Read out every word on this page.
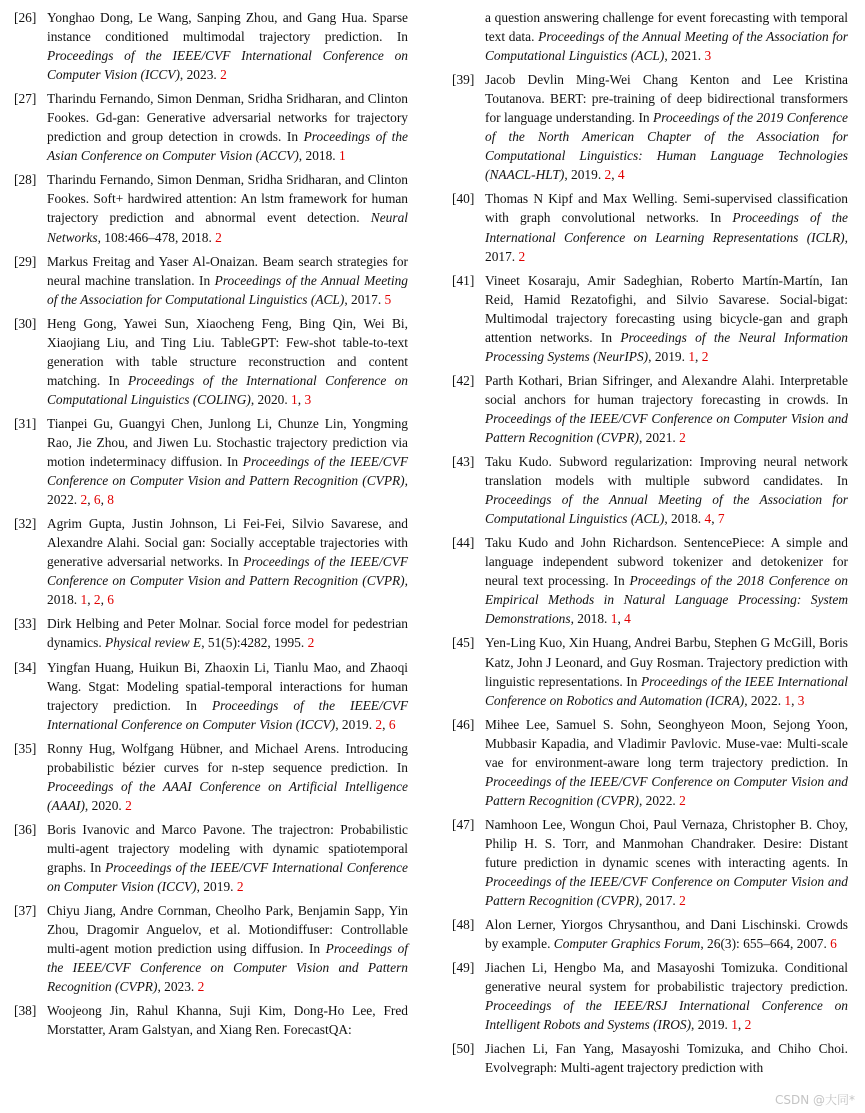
[26] Yonghao Dong, Le Wang, Sanping Zhou, and Gang Hua. Sparse instance conditioned multimodal trajectory prediction. In Proceedings of the IEEE/CVF International Conference on Computer Vision (ICCV), 2023. 2
[27] Tharindu Fernando, Simon Denman, Sridha Sridharan, and Clinton Fookes. Gd-gan: Generative adversarial networks for trajectory prediction and group detection in crowds. In Proceedings of the Asian Conference on Computer Vision (ACCV), 2018. 1
[28] Tharindu Fernando, Simon Denman, Sridha Sridharan, and Clinton Fookes. Soft+ hardwired attention: An lstm framework for human trajectory prediction and abnormal event detection. Neural Networks, 108:466–478, 2018. 2
[29] Markus Freitag and Yaser Al-Onaizan. Beam search strategies for neural machine translation. In Proceedings of the Annual Meeting of the Association for Computational Linguistics (ACL), 2017. 5
[30] Heng Gong, Yawei Sun, Xiaocheng Feng, Bing Qin, Wei Bi, Xiaojiang Liu, and Ting Liu. TableGPT: Few-shot table-to-text generation with table structure reconstruction and content matching. In Proceedings of the International Conference on Computational Linguistics (COLING), 2020. 1, 3
[31] Tianpei Gu, Guangyi Chen, Junlong Li, Chunze Lin, Yongming Rao, Jie Zhou, and Jiwen Lu. Stochastic trajectory prediction via motion indeterminacy diffusion. In Proceedings of the IEEE/CVF Conference on Computer Vision and Pattern Recognition (CVPR), 2022. 2, 6, 8
[32] Agrim Gupta, Justin Johnson, Li Fei-Fei, Silvio Savarese, and Alexandre Alahi. Social gan: Socially acceptable trajectories with generative adversarial networks. In Proceedings of the IEEE/CVF Conference on Computer Vision and Pattern Recognition (CVPR), 2018. 1, 2, 6
[33] Dirk Helbing and Peter Molnar. Social force model for pedestrian dynamics. Physical review E, 51(5):4282, 1995. 2
[34] Yingfan Huang, Huikun Bi, Zhaoxin Li, Tianlu Mao, and Zhaoqi Wang. Stgat: Modeling spatial-temporal interactions for human trajectory prediction. In Proceedings of the IEEE/CVF International Conference on Computer Vision (ICCV), 2019. 2, 6
[35] Ronny Hug, Wolfgang Hübner, and Michael Arens. Introducing probabilistic bézier curves for n-step sequence prediction. In Proceedings of the AAAI Conference on Artificial Intelligence (AAAI), 2020. 2
[36] Boris Ivanovic and Marco Pavone. The trajectron: Probabilistic multi-agent trajectory modeling with dynamic spatiotemporal graphs. In Proceedings of the IEEE/CVF International Conference on Computer Vision (ICCV), 2019. 2
[37] Chiyu Jiang, Andre Cornman, Cheolho Park, Benjamin Sapp, Yin Zhou, Dragomir Anguelov, et al. Motiondiffuser: Controllable multi-agent motion prediction using diffusion. In Proceedings of the IEEE/CVF Conference on Computer Vision and Pattern Recognition (CVPR), 2023. 2
[38] Woojeong Jin, Rahul Khanna, Suji Kim, Dong-Ho Lee, Fred Morstatter, Aram Galstyan, and Xiang Ren. ForecastQA:
a question answering challenge for event forecasting with temporal text data. Proceedings of the Annual Meeting of the Association for Computational Linguistics (ACL), 2021. 3
[39] Jacob Devlin Ming-Wei Chang Kenton and Lee Kristina Toutanova. BERT: pre-training of deep bidirectional transformers for language understanding. In Proceedings of the 2019 Conference of the North American Chapter of the Association for Computational Linguistics: Human Language Technologies (NAACL-HLT), 2019. 2, 4
[40] Thomas N Kipf and Max Welling. Semi-supervised classification with graph convolutional networks. In Proceedings of the International Conference on Learning Representations (ICLR), 2017. 2
[41] Vineet Kosaraju, Amir Sadeghian, Roberto Martín-Martín, Ian Reid, Hamid Rezatofighi, and Silvio Savarese. Social-bigat: Multimodal trajectory forecasting using bicycle-gan and graph attention networks. In Proceedings of the Neural Information Processing Systems (NeurIPS), 2019. 1, 2
[42] Parth Kothari, Brian Sifringer, and Alexandre Alahi. Interpretable social anchors for human trajectory forecasting in crowds. In Proceedings of the IEEE/CVF Conference on Computer Vision and Pattern Recognition (CVPR), 2021. 2
[43] Taku Kudo. Subword regularization: Improving neural network translation models with multiple subword candidates. In Proceedings of the Annual Meeting of the Association for Computational Linguistics (ACL), 2018. 4, 7
[44] Taku Kudo and John Richardson. SentencePiece: A simple and language independent subword tokenizer and detokenizer for neural text processing. In Proceedings of the 2018 Conference on Empirical Methods in Natural Language Processing: System Demonstrations, 2018. 1, 4
[45] Yen-Ling Kuo, Xin Huang, Andrei Barbu, Stephen G McGill, Boris Katz, John J Leonard, and Guy Rosman. Trajectory prediction with linguistic representations. In Proceedings of the IEEE International Conference on Robotics and Automation (ICRA), 2022. 1, 3
[46] Mihee Lee, Samuel S. Sohn, Seonghyeon Moon, Sejong Yoon, Mubbasir Kapadia, and Vladimir Pavlovic. Muse-vae: Multi-scale vae for environment-aware long term trajectory prediction. In Proceedings of the IEEE/CVF Conference on Computer Vision and Pattern Recognition (CVPR), 2022. 2
[47] Namhoon Lee, Wongun Choi, Paul Vernaza, Christopher B. Choy, Philip H. S. Torr, and Manmohan Chandraker. Desire: Distant future prediction in dynamic scenes with interacting agents. In Proceedings of the IEEE/CVF Conference on Computer Vision and Pattern Recognition (CVPR), 2017. 2
[48] Alon Lerner, Yiorgos Chrysanthou, and Dani Lischinski. Crowds by example. Computer Graphics Forum, 26(3): 655–664, 2007. 6
[49] Jiachen Li, Hengbo Ma, and Masayoshi Tomizuka. Conditional generative neural system for probabilistic trajectory prediction. Proceedings of the IEEE/RSJ International Conference on Intelligent Robots and Systems (IROS), 2019. 1, 2
[50] Jiachen Li, Fan Yang, Masayoshi Tomizuka, and Chiho Choi. Evolvegraph: Multi-agent trajectory prediction with
CSDN @大同*
